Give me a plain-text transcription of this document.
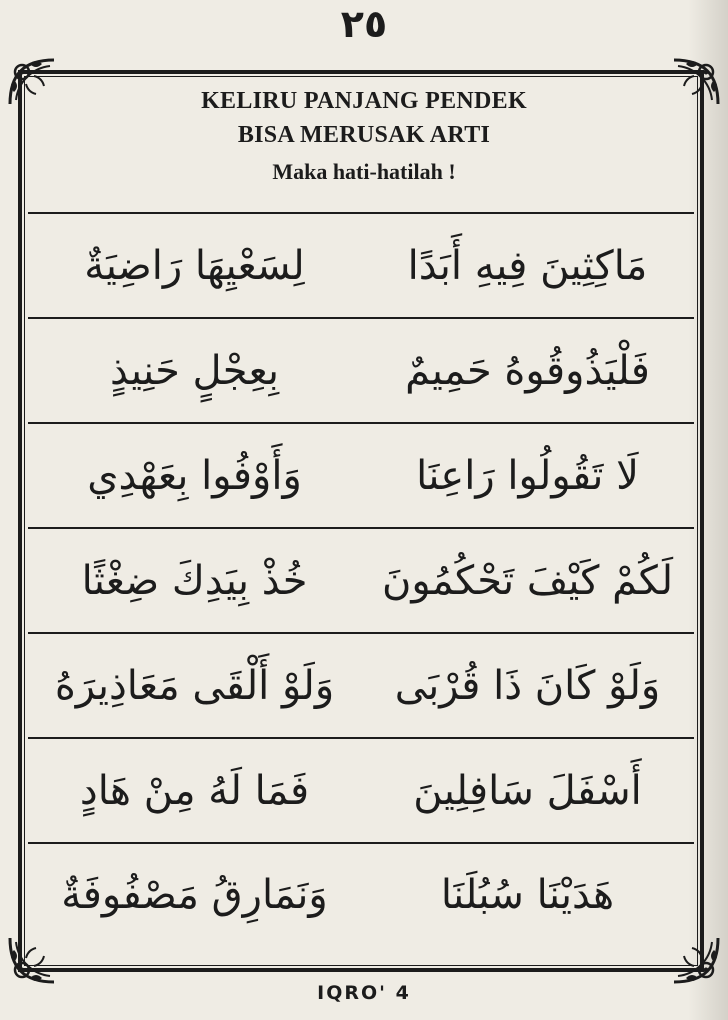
٢٥
KELIRU PANJANG PENDEK
BISA MERUSAK ARTI
Maka hati-hatilah !
مَاكِثِينَ فِيهِ أَبَدًا
لِسَعْيِهَا رَاضِيَةٌ
فَلْيَذُوقُوهُ حَمِيمٌ
بِعِجْلٍ حَنِيذٍ
لَا تَقُولُوا رَاعِنَا
وَأَوْفُوا بِعَهْدِي
لَكُمْ كَيْفَ تَحْكُمُونَ
خُذْ بِيَدِكَ ضِغْثًا
وَلَوْ كَانَ ذَا قُرْبَى
وَلَوْ أَلْقَى مَعَاذِيرَهُ
أَسْفَلَ سَافِلِينَ
فَمَا لَهُ مِنْ هَادٍ
هَدَيْنَا سُبُلَنَا
وَنَمَارِقُ مَصْفُوفَةٌ
IQRO' 4
